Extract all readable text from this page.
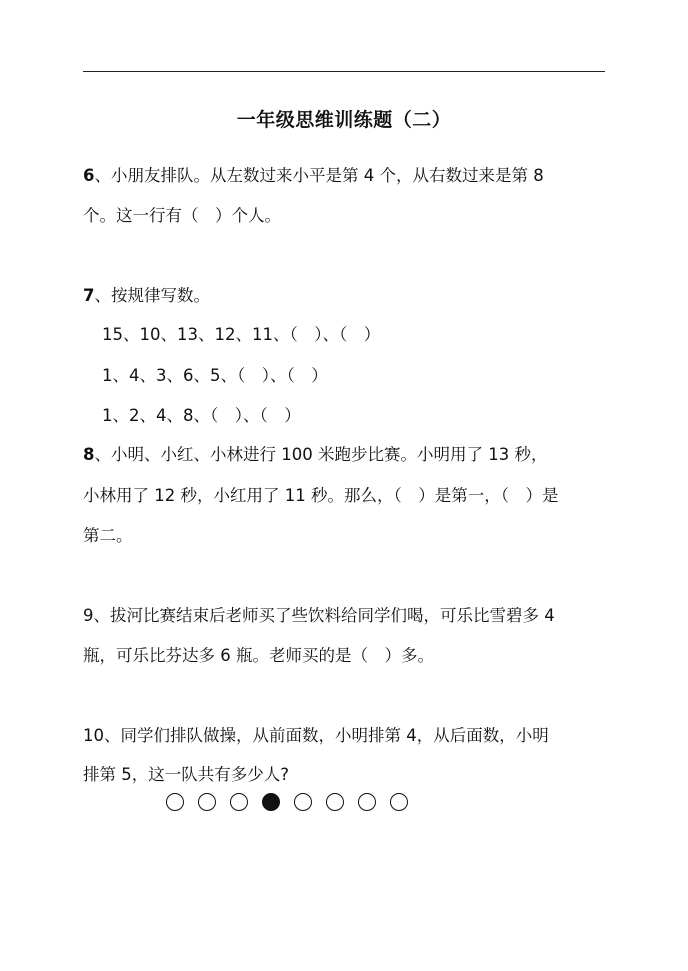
一年级思维训练题（二）
6、小朋友排队。从左数过来小平是第 4 个，从右数过来是第 8
个。这一行有（　）个人。
7、按规律写数。
15、10、13、12、11、（　）、（　）
1、4、3、6、5、（　）、（　）
1、2、4、8、（　）、（　）
8、小明、小红、小林进行 100 米跑步比赛。小明用了 13 秒，
小林用了 12 秒，小红用了 11 秒。那么，（　）是第一，（　）是
第二。
9、拔河比赛结束后老师买了些饮料给同学们喝，可乐比雪碧多 4
瓶，可乐比芬达多 6 瓶。老师买的是（　）多。
10、同学们排队做操，从前面数，小明排第 4，从后面数，小明
排第 5，这一队共有多少人?
